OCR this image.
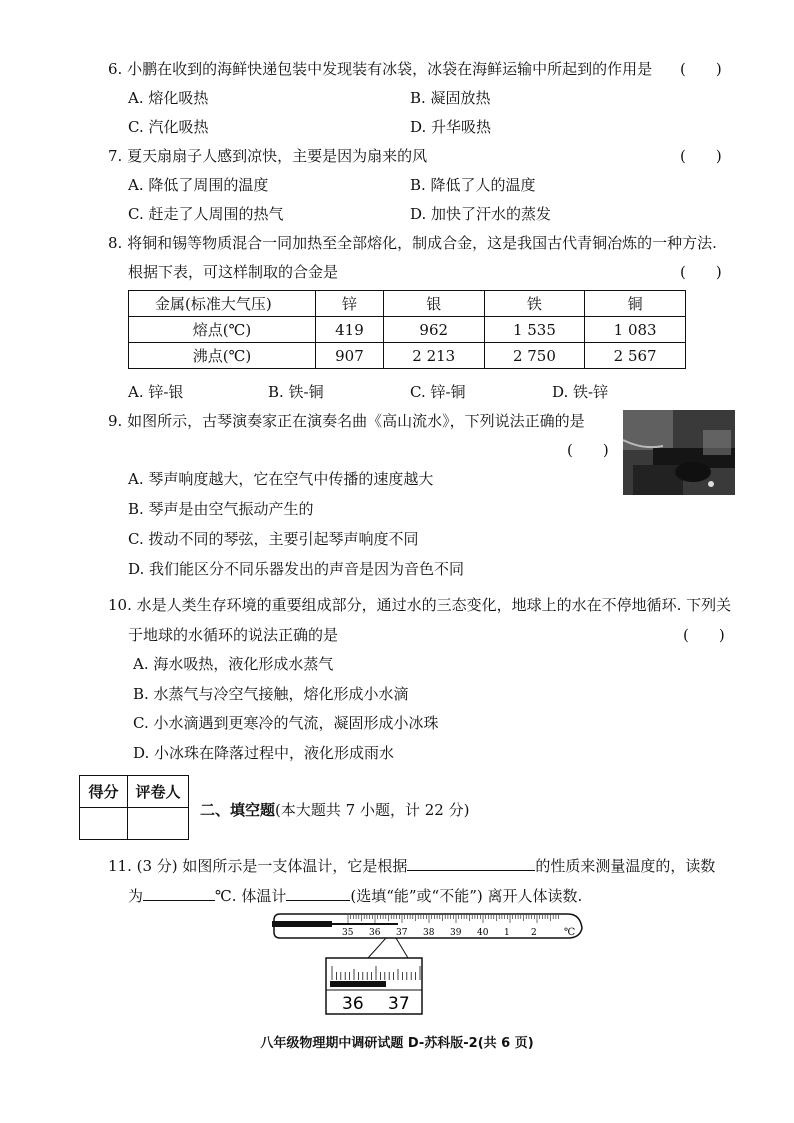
6. 小鹏在收到的海鲜快递包装中发现装有冰袋，冰袋在海鲜运输中所起到的作用是 (　　)
A. 熔化吸热	B. 凝固放热
C. 汽化吸热	D. 升华吸热
7. 夏天扇扇子人感到凉快，主要是因为扇来的风	(　　)
A. 降低了周围的温度	B. 降低了人的温度
C. 赶走了人周围的热气	D. 加快了汗水的蒸发
8. 将铜和锡等物质混合一同加热至全部熔化，制成合金，这是我国古代青铜冶炼的一种方法.
根据下表，可这样制取的合金是	(　　)
金属(标准大气压)	锌	银	铁	铜
熔点(℃)	419	962	1 535	1 083
沸点(℃)	907	2 213	2 750	2 567
A. 锌-银	B. 铁-铜	C. 锌-铜	D. 铁-锌
9. 如图所示，古琴演奏家正在演奏名曲《高山流水》，下列说法正确的是
(　　)
A. 琴声响度越大，它在空气中传播的速度越大
B. 琴声是由空气振动产生的
C. 拨动不同的琴弦，主要引起琴声响度不同
D. 我们能区分不同乐器发出的声音是因为音色不同
10. 水是人类生存环境的重要组成部分，通过水的三态变化，地球上的水在不停地循环. 下列关
于地球的水循环的说法正确的是	(　　)
A. 海水吸热，液化形成水蒸气
B. 水蒸气与冷空气接触，熔化形成小水滴
C. 小水滴遇到更寒冷的气流，凝固形成小冰珠
D. 小冰珠在降落过程中，液化形成雨水
得分	评卷人

二、填空题(本大题共 7 小题，计 22 分)
11. (3 分) 如图所示是一支体温计，它是根据	的性质来测量温度的，读数
为	℃. 体温计	(选填“能”或“不能”) 离开人体读数.
35 36 37 38 39 40 1 2	℃
36 37
八年级物理期中调研试题 D-苏科版-2(共 6 页)
